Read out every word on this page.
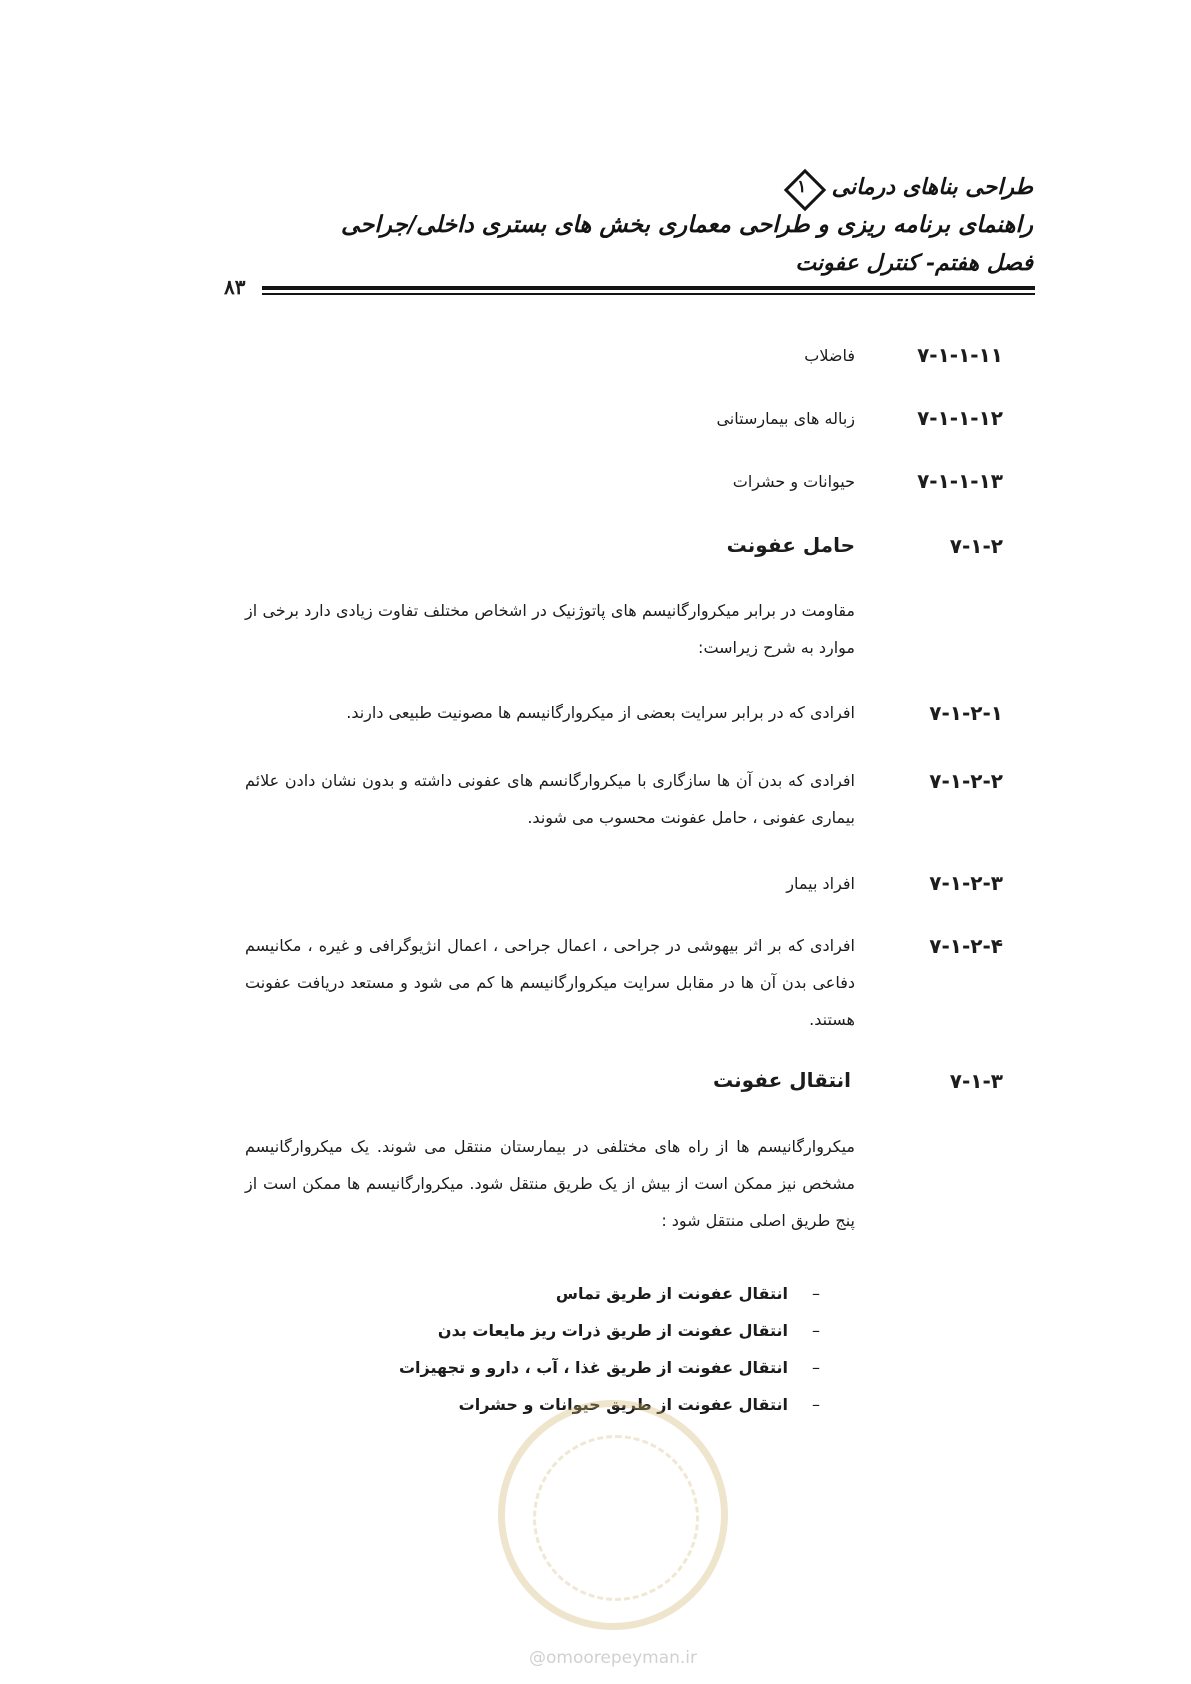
طراحی بناهای درمانی
۱
راهنمای برنامه ریزی و طراحی معماری بخش های بستری داخلی/جراحی
فصل هفتم- کنترل عفونت
۸۳
۷-۱-۱-۱۱
فاضلاب
۷-۱-۱-۱۲
زباله های بیمارستانی
۷-۱-۱-۱۳
حیوانات و حشرات
۷-۱-۲
حامل عفونت
مقاومت در برابر میکروارگانیسم های پاتوژنیک در اشخاص مختلف تفاوت زیادی دارد برخی از موارد به شرح زیراست:
۷-۱-۲-۱
افرادی که در برابر سرایت بعضی از میکروارگانیسم ها مصونیت طبیعی دارند.
۷-۱-۲-۲
افرادی که بدن آن ها سازگاری با میکروارگانسم های عفونی داشته و بدون نشان دادن علائم بیماری عفونی ، حامل عفونت محسوب می شوند.
۷-۱-۲-۳
افراد بیمار
۷-۱-۲-۴
افرادی که بر اثر بیهوشی در جراحی ، اعمال جراحی ، اعمال انژیوگرافی و غیره ، مکانیسم دفاعی بدن آن ها در مقابل سرایت میکروارگانیسم ها کم می شود و مستعد دریافت عفونت هستند.
۷-۱-۳
انتقال عفونت
میکروارگانیسم ها از راه های مختلفی در بیمارستان منتقل می شوند. یک میکروارگانیسم مشخص نیز ممکن است از بیش از یک طریق منتقل شود. میکروارگانیسم ها ممکن است از پنج طریق اصلی منتقل شود :
–
انتقال عفونت از طریق تماس
–
انتقال عفونت از طریق ذرات ریز مایعات بدن
–
انتقال عفونت از طریق غذا ، آب ، دارو و تجهیزات
–
انتقال عفونت از طریق حیوانات و حشرات
@omoorepeyman.ir
